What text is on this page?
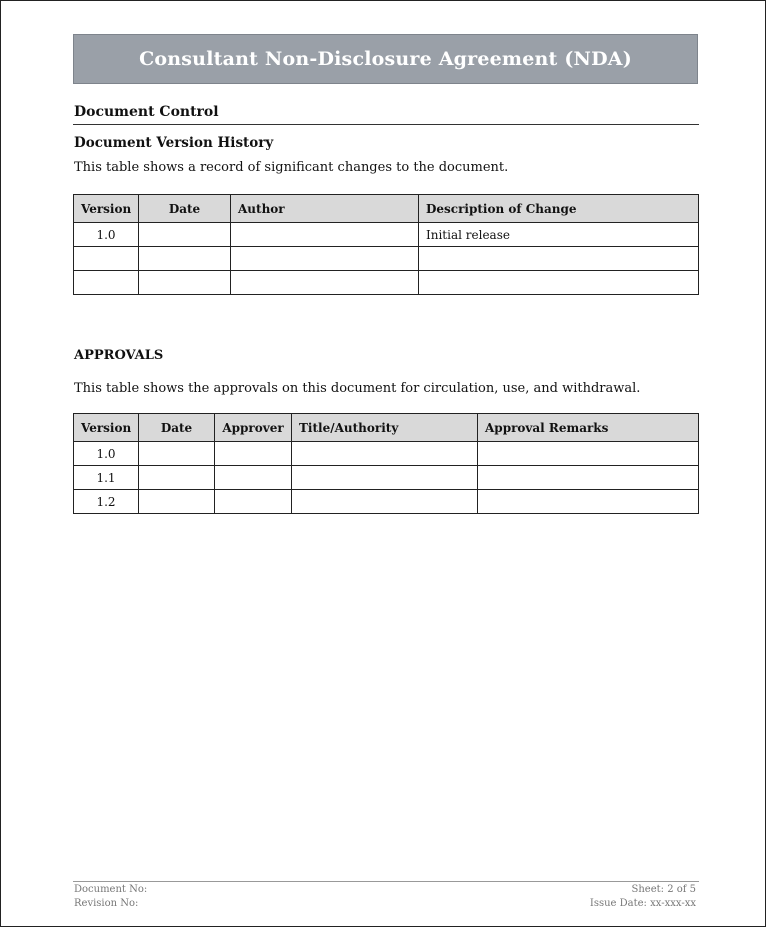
Consultant Non-Disclosure Agreement (NDA)
Document Control
Document Version History

This table shows a record of significant changes to the document.

Version	Date	Author	Description of Change
1.0			Initial release

APPROVALS

This table shows the approvals on this document for circulation, use, and withdrawal.

Version	Date	Approver	Title/Authority	Approval Remarks
1.0				
1.1				
1.2				

Document No:

Revision No:

Sheet: 2 of 5

Issue Date: xx-xxx-xx
